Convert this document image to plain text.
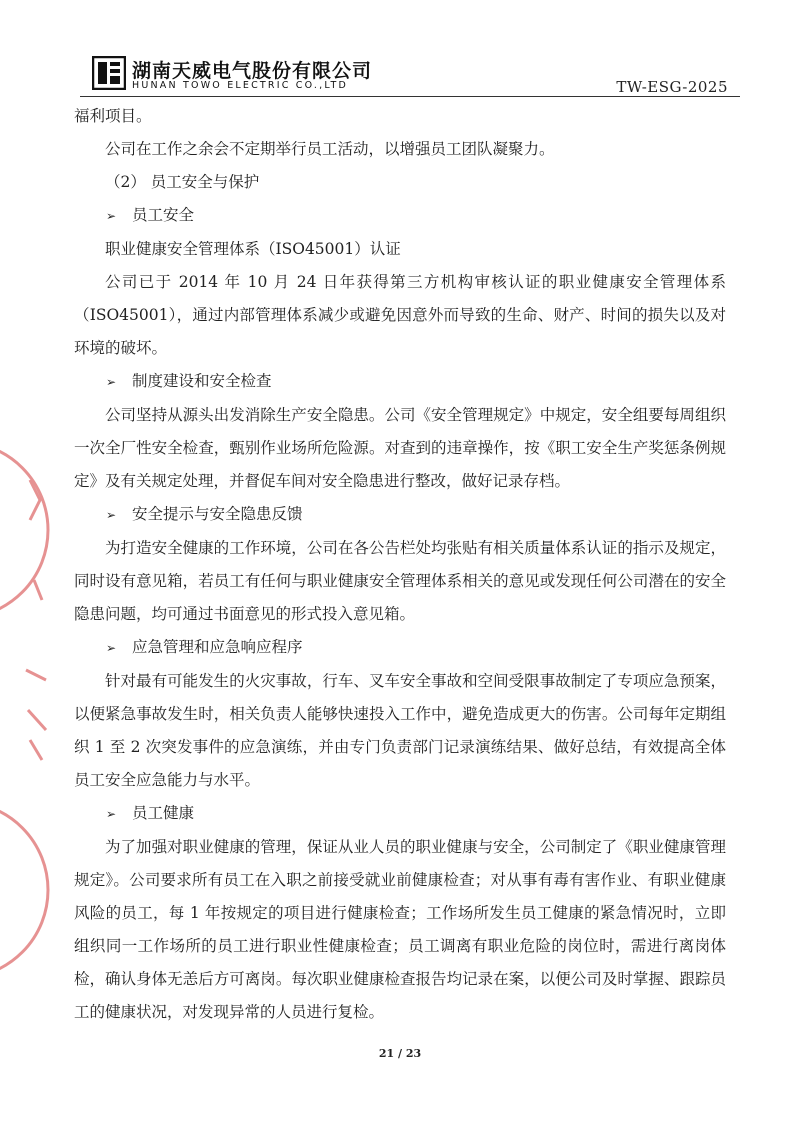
湖南天威电气股份有限公司
HUNAN TOWO ELECTRIC CO.,LTD	TW-ESG-2025

福利项目。

公司在工作之余会不定期举行员工活动，以增强员工团队凝聚力。

（2） 员工安全与保护

➢ 员工安全

职业健康安全管理体系（ISO45001）认证

公司已于 2014 年 10 月 24 日年获得第三方机构审核认证的职业健康安全管理体系（ISO45001），通过内部管理体系减少或避免因意外而导致的生命、财产、时间的损失以及对环境的破坏。

➢ 制度建设和安全检查

公司坚持从源头出发消除生产安全隐患。公司《安全管理规定》中规定，安全组要每周组织一次全厂性安全检查，甄别作业场所危险源。对查到的违章操作，按《职工安全生产奖惩条例规定》及有关规定处理，并督促车间对安全隐患进行整改，做好记录存档。

➢ 安全提示与安全隐患反馈

为打造安全健康的工作环境，公司在各公告栏处均张贴有相关质量体系认证的指示及规定，同时设有意见箱，若员工有任何与职业健康安全管理体系相关的意见或发现任何公司潜在的安全隐患问题，均可通过书面意见的形式投入意见箱。

➢ 应急管理和应急响应程序

针对最有可能发生的火灾事故，行车、叉车安全事故和空间受限事故制定了专项应急预案，以便紧急事故发生时，相关负责人能够快速投入工作中，避免造成更大的伤害。公司每年定期组织 1 至 2 次突发事件的应急演练，并由专门负责部门记录演练结果、做好总结，有效提高全体员工安全应急能力与水平。

➢ 员工健康

为了加强对职业健康的管理，保证从业人员的职业健康与安全，公司制定了《职业健康管理规定》。公司要求所有员工在入职之前接受就业前健康检查；对从事有毒有害作业、有职业健康风险的员工，每 1 年按规定的项目进行健康检查；工作场所发生员工健康的紧急情况时，立即组织同一工作场所的员工进行职业性健康检查；员工调离有职业危险的岗位时，需进行离岗体检，确认身体无恙后方可离岗。每次职业健康检查报告均记录在案，以便公司及时掌握、跟踪员工的健康状况，对发现异常的人员进行复检。

21 / 23
